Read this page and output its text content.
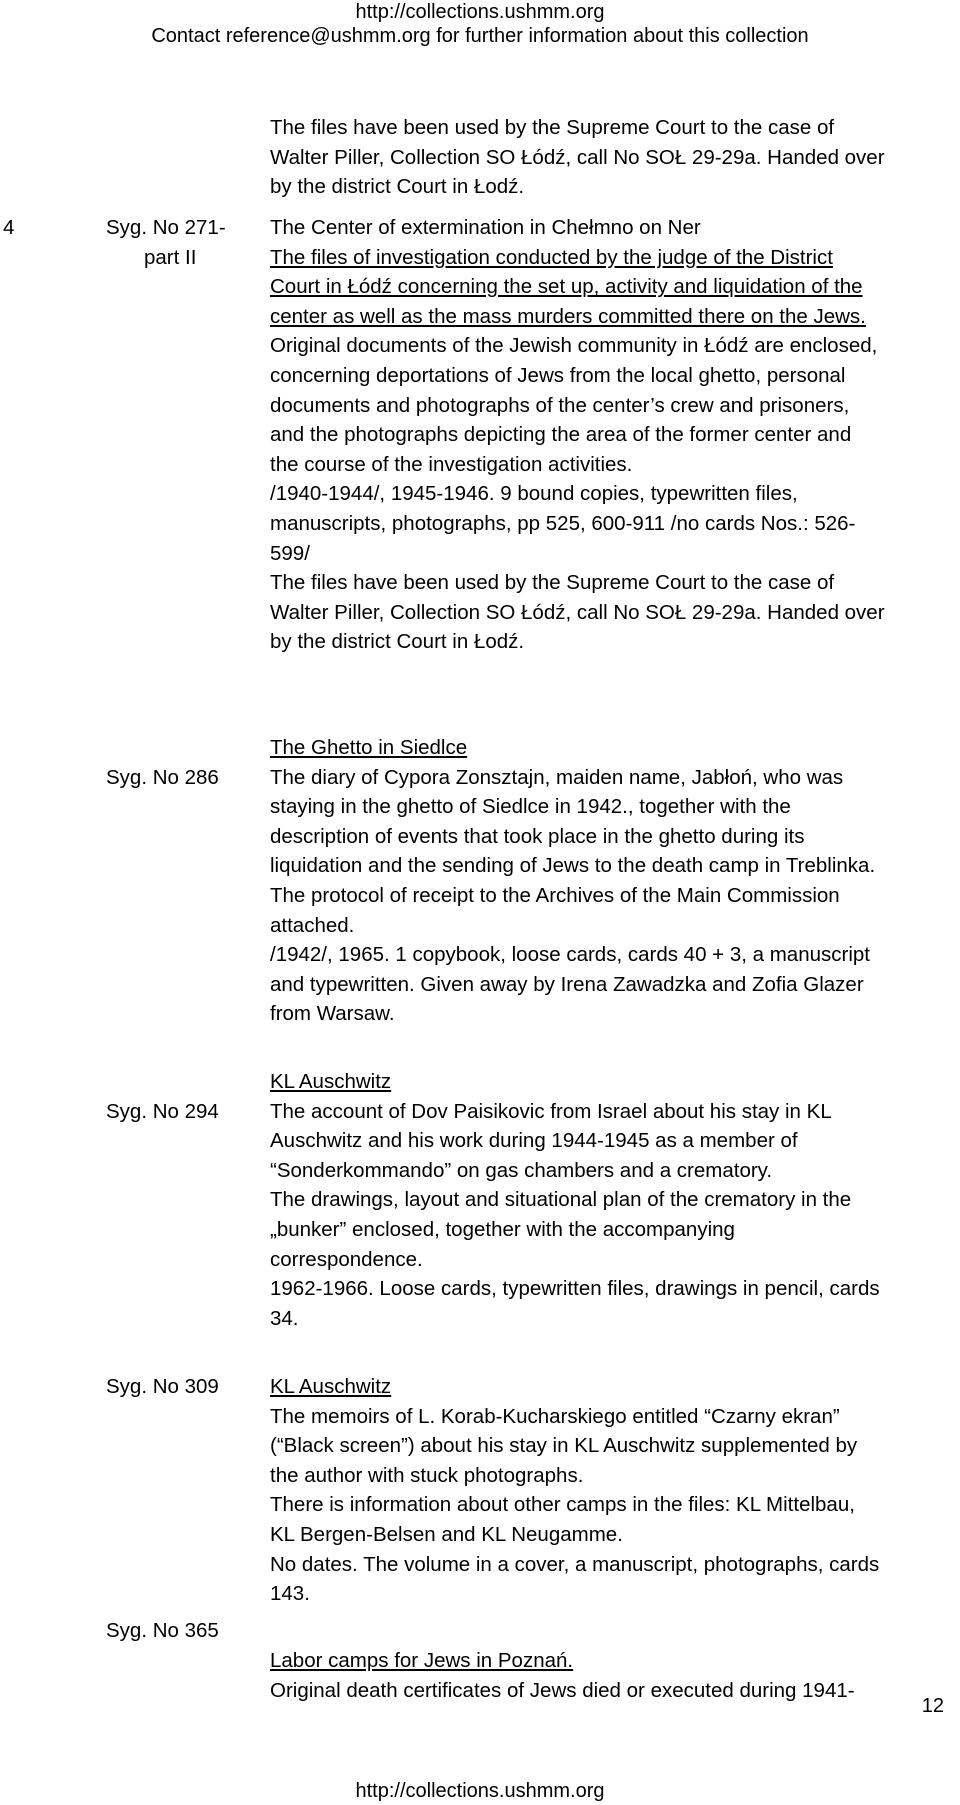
http://collections.ushmm.org
Contact reference@ushmm.org for further information about this collection
The files have been used by the Supreme Court to the case of
Walter Piller, Collection SO Łódź, call No SOŁ 29-29a. Handed over
by the district Court in Łodź.
4	Syg. No 271-
part II
The Center of extermination in Chełmno on Ner
The files of investigation conducted by the judge of the District
Court in Łódź concerning the set up, activity and liquidation of the
center as well as the mass murders committed there on the Jews.
Original documents of the Jewish community in Łódź are enclosed,
concerning deportations of Jews from the local ghetto, personal
documents and photographs of the center’s crew and prisoners,
and the photographs depicting the area of the former center and
the course of the investigation activities.
/1940-1944/, 1945-1946. 9 bound copies, typewritten files,
manuscripts, photographs, pp 525, 600-911 /no cards Nos.: 526-
599/
The files have been used by the Supreme Court to the case of
Walter Piller, Collection SO Łódź, call No SOŁ 29-29a. Handed over
by the district Court in Łodź.
Syg. No 286
The Ghetto in Siedlce
The diary of Cypora Zonsztajn, maiden name, Jabłoń, who was
staying in the ghetto of Siedlce in 1942., together with the
description of events that took place in the ghetto during its
liquidation and the sending of Jews to the death camp in Treblinka.
The protocol of receipt to the Archives of the Main Commission
attached.
/1942/, 1965. 1 copybook, loose cards, cards 40 + 3, a manuscript
and typewritten. Given away by Irena Zawadzka and Zofia Glazer
from Warsaw.
Syg. No 294
KL Auschwitz
The account of Dov Paisikovic from Israel about his stay in KL
Auschwitz and his work during 1944-1945 as a member of
“Sonderkommando” on gas chambers and a crematory.
The drawings, layout and situational plan of the crematory in the
„bunker” enclosed, together with the accompanying
correspondence.
1962-1966. Loose cards, typewritten files, drawings in pencil, cards
34.
Syg. No 309 KL Auschwitz
The memoirs of L. Korab-Kucharskiego entitled “Czarny ekran”
(“Black screen”) about his stay in KL Auschwitz supplemented by
the author with stuck photographs.
There is information about other camps in the files: KL Mittelbau,
KL Bergen-Belsen and KL Neugamme.
No dates. The volume in a cover, a manuscript, photographs, cards
143.
Syg. No 365
Labor camps for Jews in Poznań.
Original death certificates of Jews died or executed during 1941-
12
http://collections.ushmm.org
